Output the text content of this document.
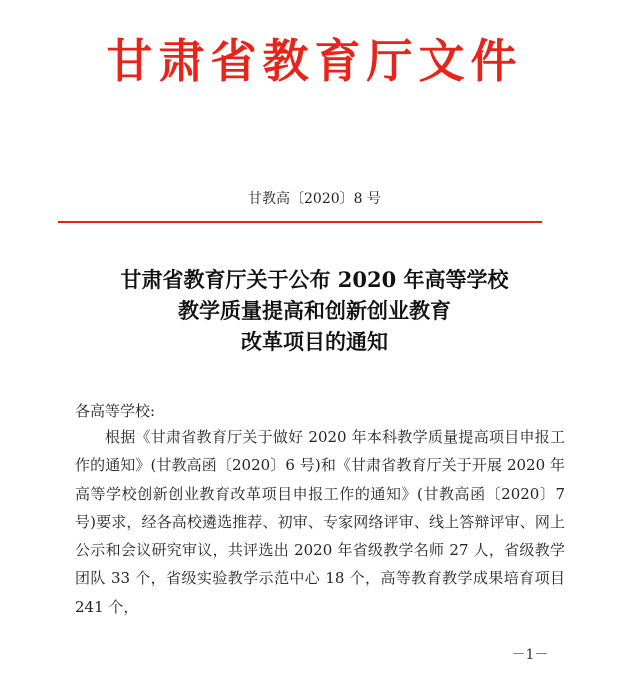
甘肃省教育厅文件
甘教高〔2020〕8 号
甘肃省教育厅关于公布 2020 年高等学校
教学质量提高和创新创业教育
改革项目的通知
各高等学校:

根据《甘肃省教育厅关于做好 2020 年本科教学质量提高项目申报工作的通知》(甘教高函〔2020〕6 号)和《甘肃省教育厅关于开展 2020 年高等学校创新创业教育改革项目申报工作的通知》(甘教高函〔2020〕7 号)要求，经各高校遴选推荐、初审、专家网络评审、线上答辩评审、网上公示和会议研究审议，共评选出 2020 年省级教学名师 27 人，省级教学团队 33 个，省级实验教学示范中心 18 个，高等教育教学成果培育项目 241 个，

－1－
